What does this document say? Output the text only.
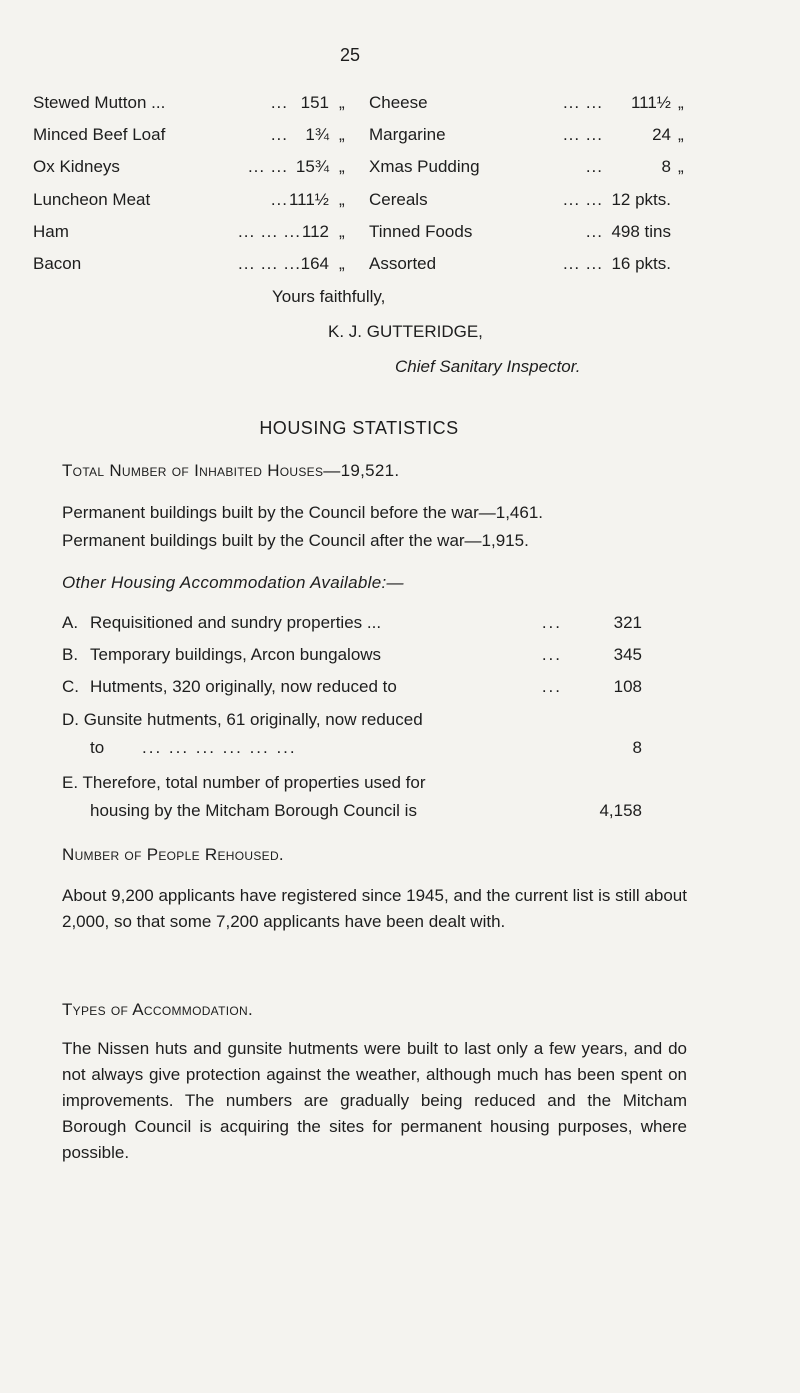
25
Stewed Mutton ...	... 151 „ Cheese	... ...	111½ „
Minced Beef Loaf	...	1¾ „ Margarine	... ...	24 „
Ox Kidneys	... ... 15¾ „ Xmas Pudding	...	8 „
Luncheon Meat	... 111½ „ Cereals	... ... 12 pkts.
Ham	... ... ... 112 „ Tinned Foods	... 498 tins
Bacon	... ... ... 164 „ Assorted	... ... 16 pkts.
Yours faithfully,
K. J. GUTTERIDGE,
Chief Sanitary Inspector.
HOUSING STATISTICS
Total Number of Inhabited Houses—19,521.
Permanent buildings built by the Council before the war—1,461.
Permanent buildings built by the Council after the war—1,915.
Other Housing Accommodation Available:—
A. Requisitioned and sundry properties ...	...	321
B. Temporary buildings, Arcon bungalows	...	345
C. Hutments, 320 originally, now reduced to	...	108
D. Gunsite hutments, 61 originally, now reduced
to ... ... ... ... ... ...	8
E. Therefore, total number of properties used for
housing by the Mitcham Borough Council is	4,158
Number of People Rehoused.
About 9,200 applicants have registered since 1945, and the current list is still about 2,000, so that some 7,200 applicants have been dealt with.
Types of Accommodation.
The Nissen huts and gunsite hutments were built to last only a few years, and do not always give protection against the weather, although much has been spent on improvements. The numbers are gradually being reduced and the Mitcham Borough Council is acquiring the sites for permanent housing purposes, where possible.
